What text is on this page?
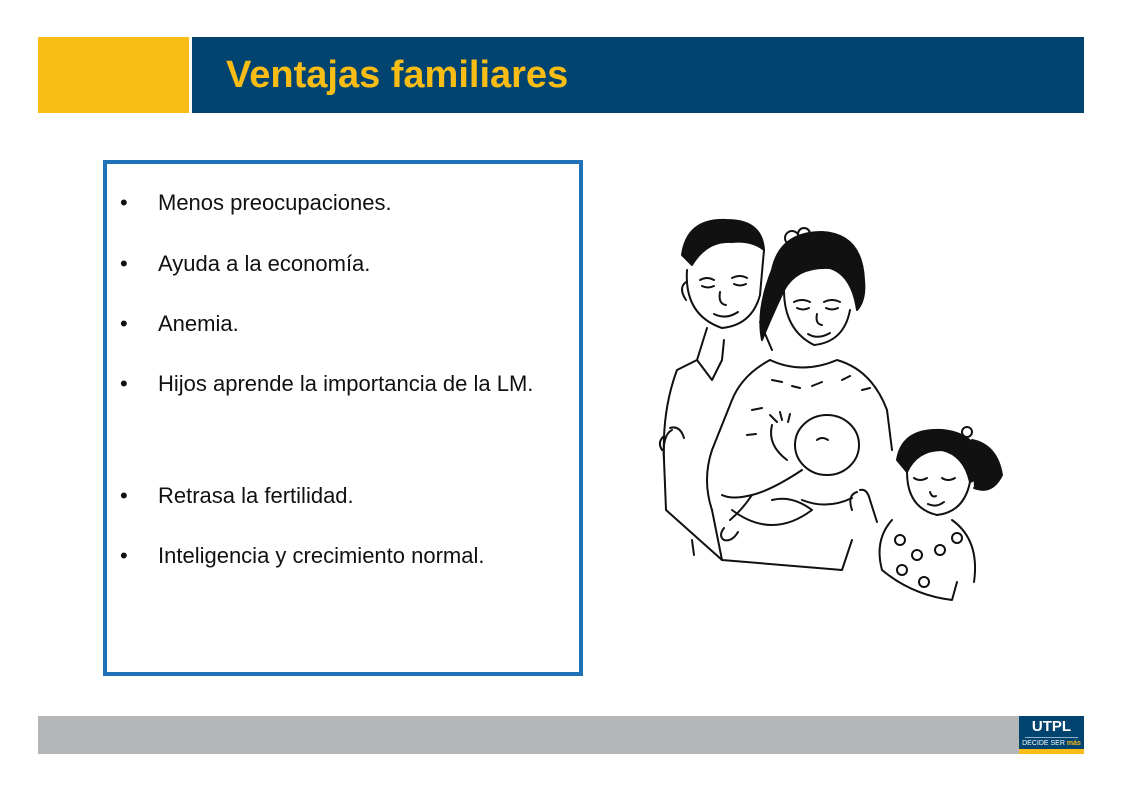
Ventajas familiares
• Menos preocupaciones.
• Ayuda a la economía.
• Anemia.
• Hijos aprende la importancia de la LM.
• Retrasa la fertilidad.
• Inteligencia y crecimiento normal.
UTPL
DECIDE SER más
